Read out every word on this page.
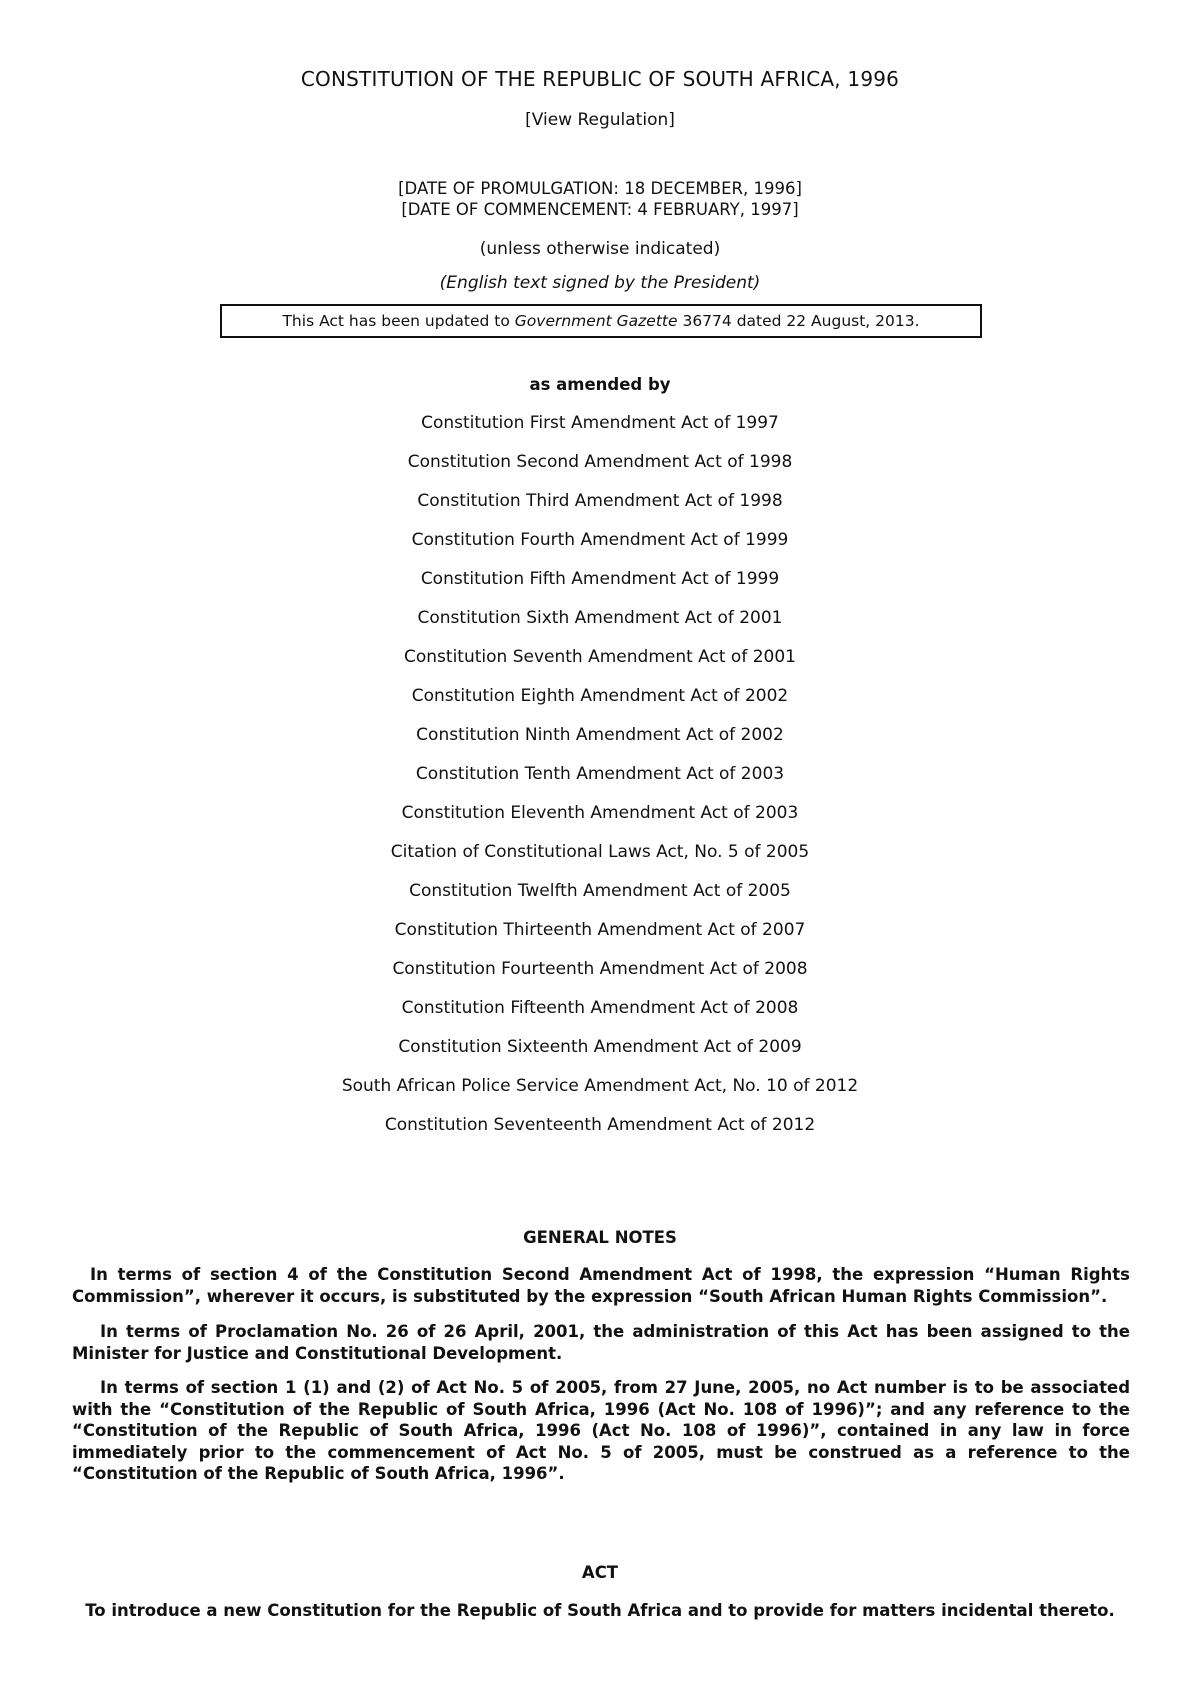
CONSTITUTION OF THE REPUBLIC OF SOUTH AFRICA, 1996
[View Regulation]
[DATE OF PROMULGATION: 18 DECEMBER, 1996]
[DATE OF COMMENCEMENT: 4 FEBRUARY, 1997]
(unless otherwise indicated)
(English text signed by the President)
This Act has been updated to Government Gazette 36774 dated 22 August, 2013.
as amended by
Constitution First Amendment Act of 1997
Constitution Second Amendment Act of 1998
Constitution Third Amendment Act of 1998
Constitution Fourth Amendment Act of 1999
Constitution Fifth Amendment Act of 1999
Constitution Sixth Amendment Act of 2001
Constitution Seventh Amendment Act of 2001
Constitution Eighth Amendment Act of 2002
Constitution Ninth Amendment Act of 2002
Constitution Tenth Amendment Act of 2003
Constitution Eleventh Amendment Act of 2003
Citation of Constitutional Laws Act, No. 5 of 2005
Constitution Twelfth Amendment Act of 2005
Constitution Thirteenth Amendment Act of 2007
Constitution Fourteenth Amendment Act of 2008
Constitution Fifteenth Amendment Act of 2008
Constitution Sixteenth Amendment Act of 2009
South African Police Service Amendment Act, No. 10 of 2012
Constitution Seventeenth Amendment Act of 2012
GENERAL NOTES

In terms of section 4 of the Constitution Second Amendment Act of 1998, the expression “Human Rights Commission”, wherever it occurs, is substituted by the expression “South African Human Rights Commission”.

In terms of Proclamation No. 26 of 26 April, 2001, the administration of this Act has been assigned to the Minister for Justice and Constitutional Development.

In terms of section 1 (1) and (2) of Act No. 5 of 2005, from 27 June, 2005, no Act number is to be associated with the “Constitution of the Republic of South Africa, 1996 (Act No. 108 of 1996)”; and any reference to the “Constitution of the Republic of South Africa, 1996 (Act No. 108 of 1996)”, contained in any law in force immediately prior to the commencement of Act No. 5 of 2005, must be construed as a reference to the “Constitution of the Republic of South Africa, 1996”.

ACT
To introduce a new Constitution for the Republic of South Africa and to provide for matters incidental thereto.
